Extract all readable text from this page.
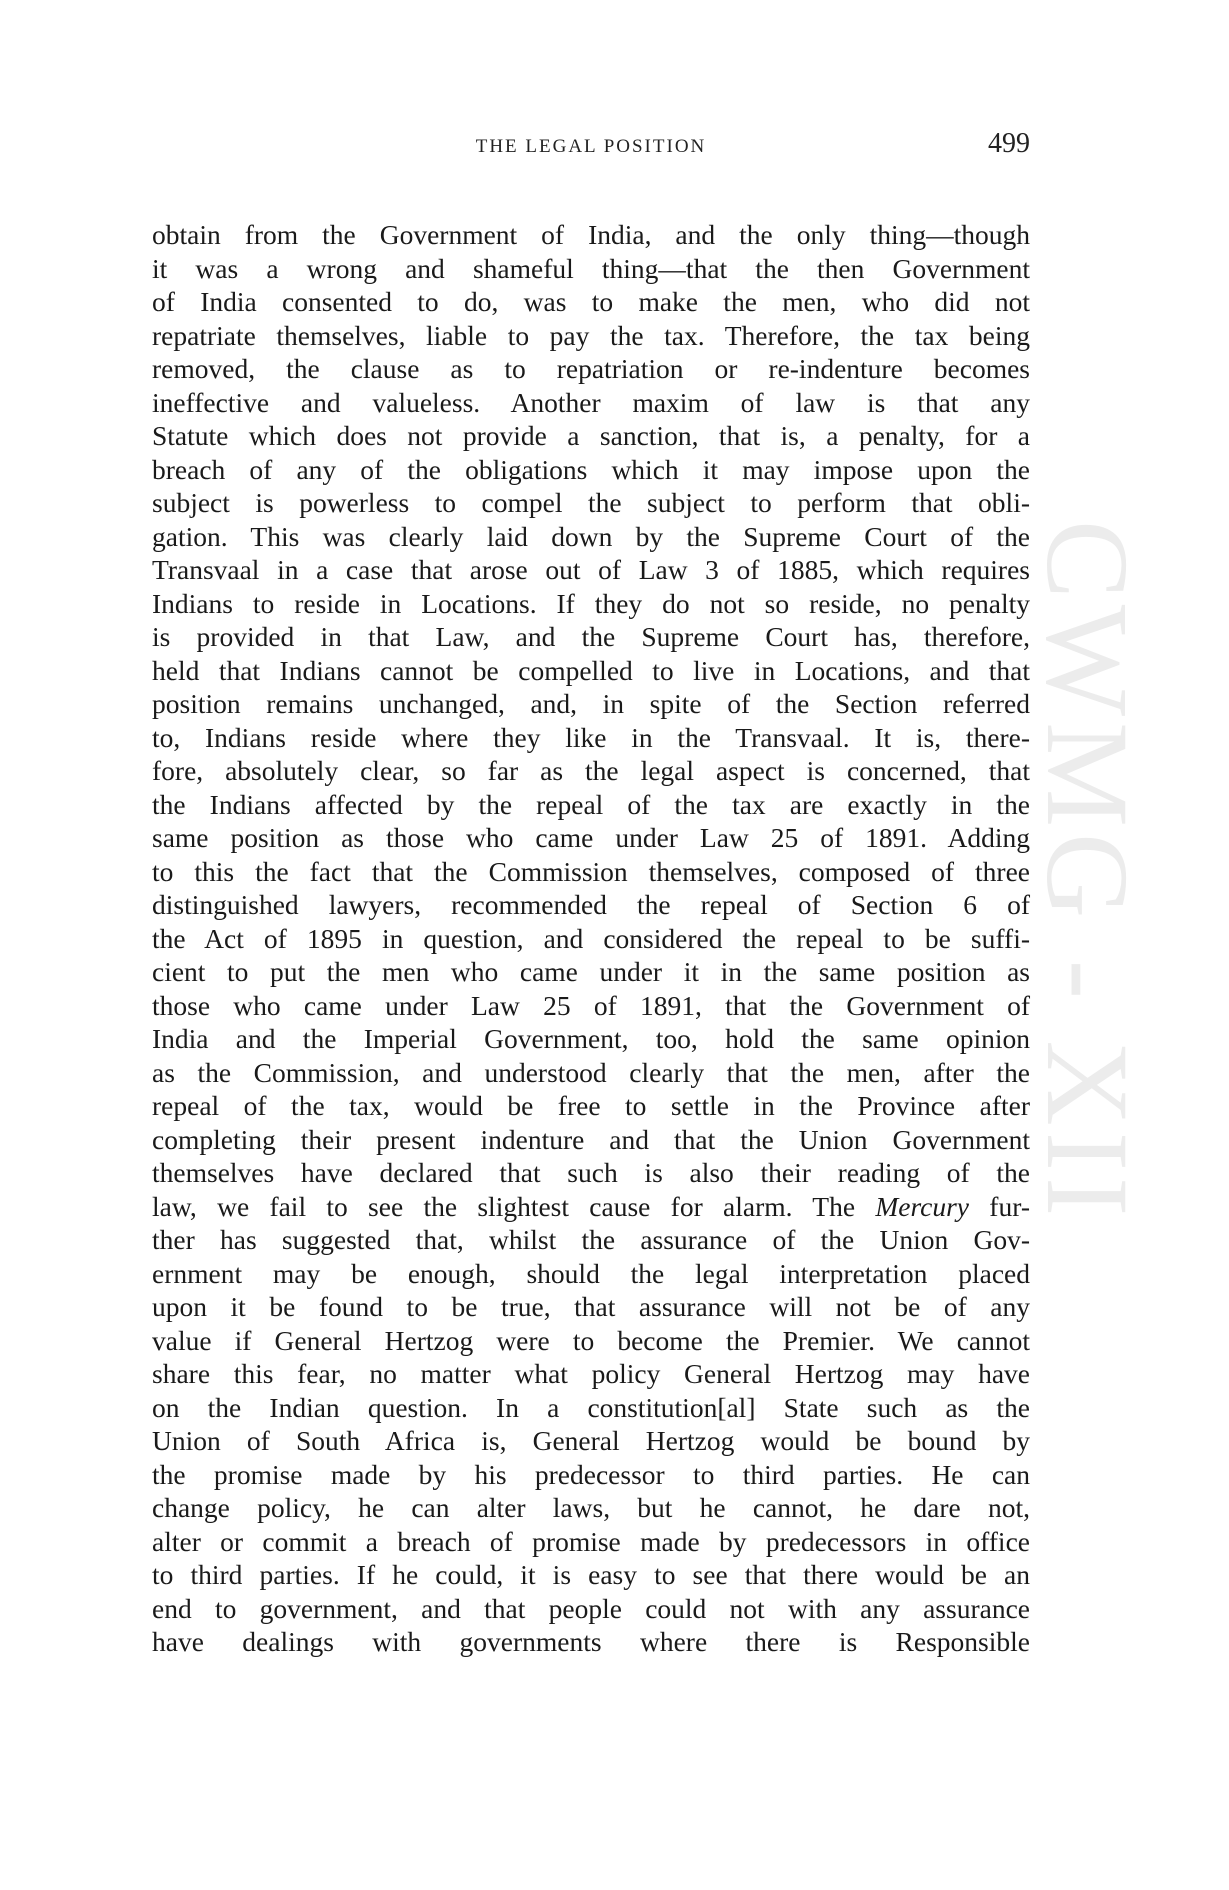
CWMG - XII
THE LEGAL POSITION	499
obtain from the Government of India, and the only thing—though
it was a wrong and shameful thing—that the then Government
of India consented to do, was to make the men, who did not
repatriate themselves, liable to pay the tax. Therefore, the tax being
removed, the clause as to repatriation or re-indenture becomes
ineffective and valueless. Another maxim of law is that any
Statute which does not provide a sanction, that is, a penalty, for a
breach of any of the obligations which it may impose upon the
subject is powerless to compel the subject to perform that obli-
gation. This was clearly laid down by the Supreme Court of the
Transvaal in a case that arose out of Law 3 of 1885, which requires
Indians to reside in Locations. If they do not so reside, no penalty
is provided in that Law, and the Supreme Court has, therefore,
held that Indians cannot be compelled to live in Locations, and that
position remains unchanged, and, in spite of the Section referred
to, Indians reside where they like in the Transvaal. It is, there-
fore, absolutely clear, so far as the legal aspect is concerned, that
the Indians affected by the repeal of the tax are exactly in the
same position as those who came under Law 25 of 1891. Adding
to this the fact that the Commission themselves, composed of three
distinguished lawyers, recommended the repeal of Section 6 of
the Act of 1895 in question, and considered the repeal to be suffi-
cient to put the men who came under it in the same position as
those who came under Law 25 of 1891, that the Government of
India and the Imperial Government, too, hold the same opinion
as the Commission, and understood clearly that the men, after the
repeal of the tax, would be free to settle in the Province after
completing their present indenture and that the Union Government
themselves have declared that such is also their reading of the
law, we fail to see the slightest cause for alarm. The Mercury fur-
ther has suggested that, whilst the assurance of the Union Gov-
ernment may be enough, should the legal interpretation placed
upon it be found to be true, that assurance will not be of any
value if General Hertzog were to become the Premier. We cannot
share this fear, no matter what policy General Hertzog may have
on the Indian question. In a constitution[al] State such as the
Union of South Africa is, General Hertzog would be bound by
the promise made by his predecessor to third parties. He can
change policy, he can alter laws, but he cannot, he dare not,
alter or commit a breach of promise made by predecessors in office
to third parties. If he could, it is easy to see that there would be an
end to government, and that people could not with any assurance
have dealings with governments where there is Responsible
